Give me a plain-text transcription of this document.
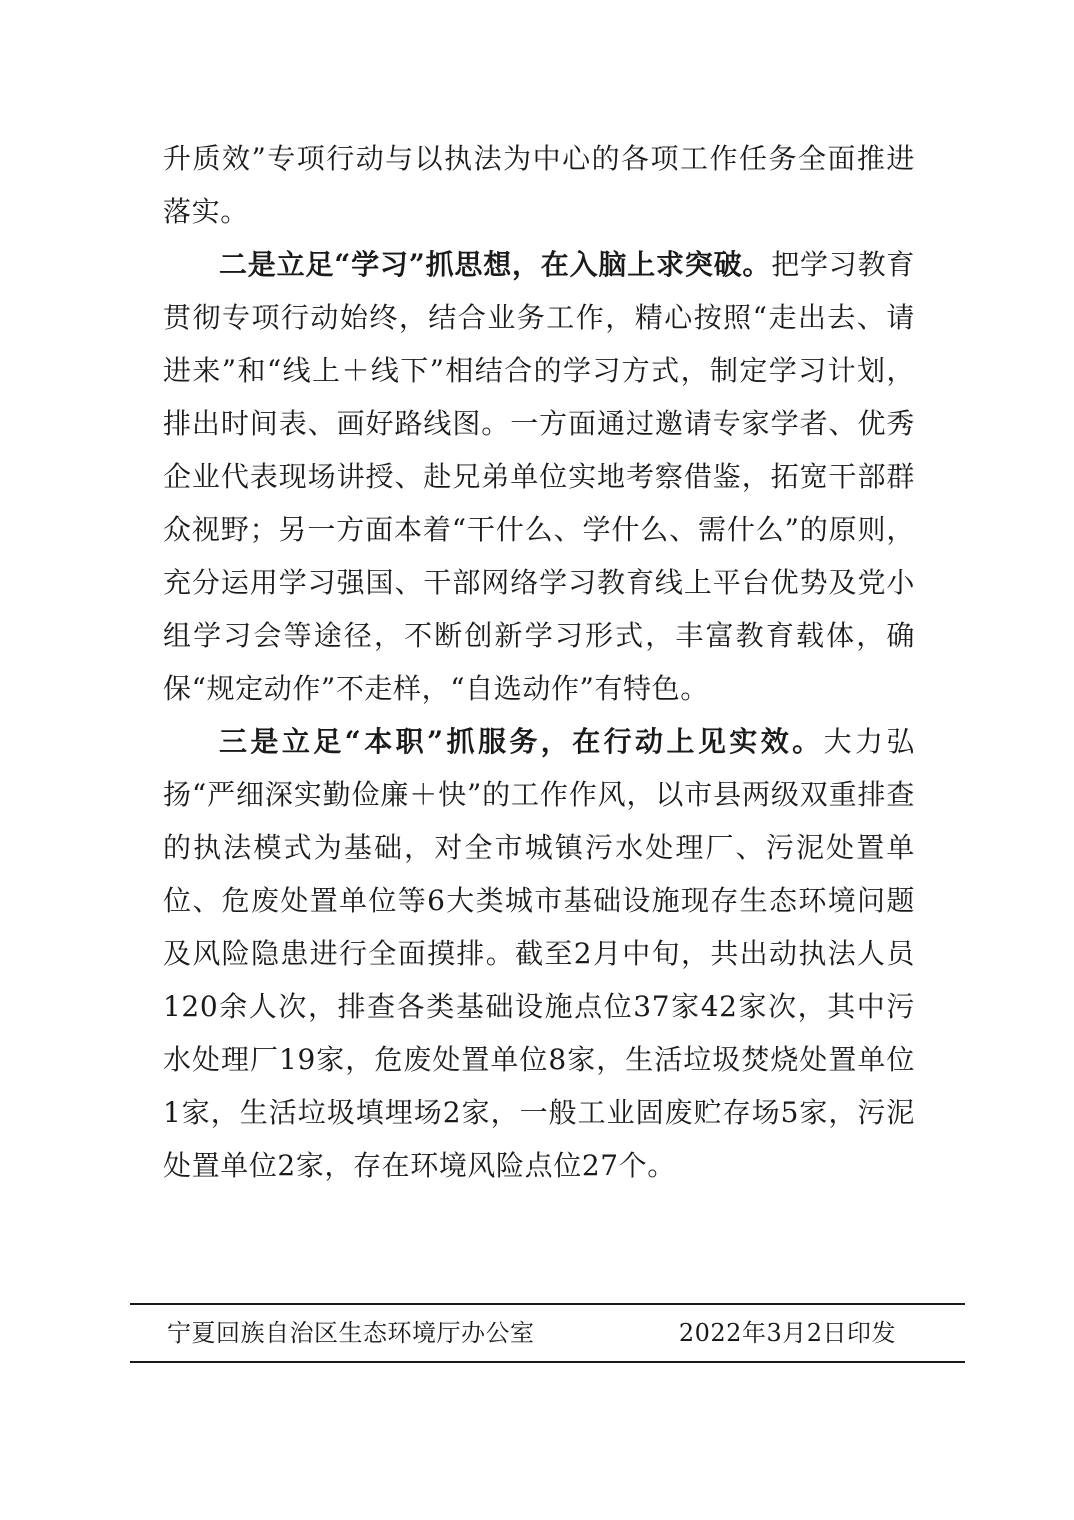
升质效”专项行动与以执法为中心的各项工作任务全面推进落实。

二是立足“学习”抓思想，在入脑上求突破。把学习教育贯彻专项行动始终，结合业务工作，精心按照“走出去、请进来”和“线上＋线下”相结合的学习方式，制定学习计划，排出时间表、画好路线图。一方面通过邀请专家学者、优秀企业代表现场讲授、赴兄弟单位实地考察借鉴，拓宽干部群众视野；另一方面本着“干什么、学什么、需什么”的原则，充分运用学习强国、干部网络学习教育线上平台优势及党小组学习会等途径，不断创新学习形式，丰富教育载体，确保“规定动作”不走样，“自选动作”有特色。

三是立足“本职”抓服务，在行动上见实效。大力弘扬“严细深实勤俭廉＋快”的工作作风，以市县两级双重排查的执法模式为基础，对全市城镇污水处理厂、污泥处置单位、危废处置单位等6大类城市基础设施现存生态环境问题及风险隐患进行全面摸排。截至2月中旬，共出动执法人员120余人次，排查各类基础设施点位37家42家次，其中污水处理厂19家，危废处置单位8家，生活垃圾焚烧处置单位1家，生活垃圾填埋场2家，一般工业固废贮存场5家，污泥处置单位2家，存在环境风险点位27个。

宁夏回族自治区生态环境厅办公室	2022年3月2日印发
